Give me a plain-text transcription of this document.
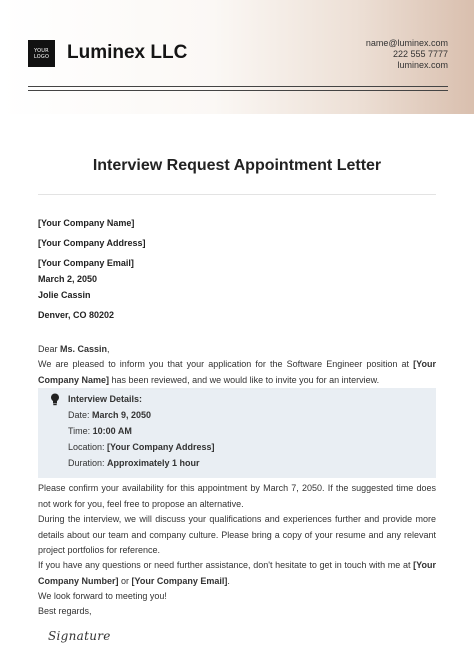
YOUR
LOGO Luminex LLC	name@luminex.com
222 555 7777
luminex.com
Interview Request Appointment Letter
[Your Company Name]
[Your Company Address]
[Your Company Email]
March 2, 2050
Jolie Cassin
Denver, CO 80202
Dear Ms. Cassin,
We are pleased to inform you that your application for the Software Engineer position at [Your Company Name] has been reviewed, and we would like to invite you for an interview.
Interview Details:
Date: March 9, 2050
Time: 10:00 AM
Location: [Your Company Address]
Duration: Approximately 1 hour
Please confirm your availability for this appointment by March 7, 2050. If the suggested time does not work for you, feel free to propose an alternative.
During the interview, we will discuss your qualifications and experiences further and provide more details about our team and company culture. Please bring a copy of your resume and any relevant project portfolios for reference.
If you have any questions or need further assistance, don't hesitate to get in touch with me at [Your Company Number] or [Your Company Email].
We look forward to meeting you!
Best regards,
Signature
